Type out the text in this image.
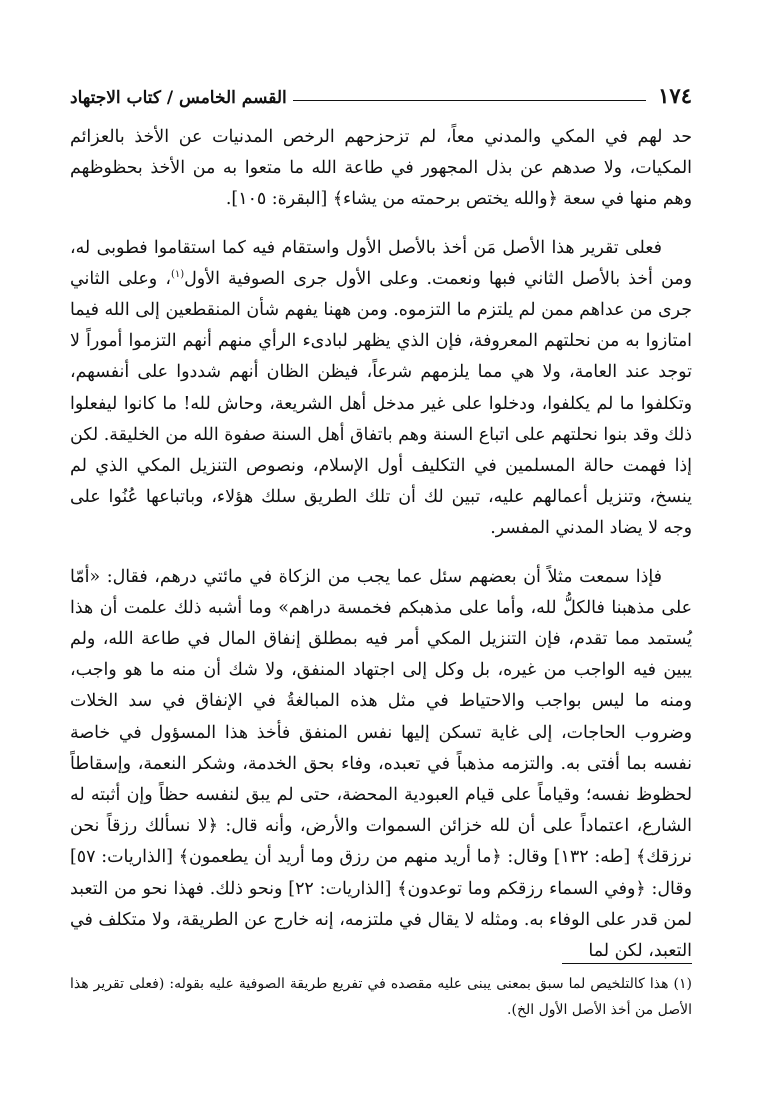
١٧٤
القسم الخامس / كتاب الاجتهاد

حد لهم في المكي والمدني معاً، لم تزحزحهم الرخص المدنيات عن الأخذ بالعزائم المكيات، ولا صدهم عن بذل المجهور في طاعة الله ما متعوا به من الأخذ بحظوظهم وهم منها في سعة ﴿والله يختص برحمته من يشاء﴾ [البقرة: ١٠٥].

فعلى تقرير هذا الأصل مَن أخذ بالأصل الأول واستقام فيه كما استقاموا فطوبى له، ومن أخذ بالأصل الثاني فبها ونعمت. وعلى الأول جرى الصوفية الأول$^{(١)}$، وعلى الثاني جرى من عداهم ممن لم يلتزم ما التزموه. ومن ههنا يفهم شأن المنقطعين إلى الله فيما امتازوا به من نحلتهم المعروفة، فإن الذي يظهر لبادىء الرأي منهم أنهم التزموا أموراً لا توجد عند العامة، ولا هي مما يلزمهم شرعاً، فيظن الظان أنهم شددوا على أنفسهم، وتكلفوا ما لم يكلفوا، ودخلوا على غير مدخل أهل الشريعة، وحاش لله! ما كانوا ليفعلوا ذلك وقد بنوا نحلتهم على اتباع السنة وهم باتفاق أهل السنة صفوة الله من الخليقة. لكن إذا فهمت حالة المسلمين في التكليف أول الإسلام، ونصوص التنزيل المكي الذي لم ينسخ، وتنزيل أعمالهم عليه، تبين لك أن تلك الطريق سلك هؤلاء، وباتباعها عُنُوا على وجه لا يضاد المدني المفسر.

فإذا سمعت مثلاً أن بعضهم سئل عما يجب من الزكاة في مائتي درهم، فقال: «أمّا على مذهبنا فالكلُّ لله، وأما على مذهبكم فخمسة دراهم» وما أشبه ذلك علمت أن هذا يُستمد مما تقدم، فإن التنزيل المكي أمر فيه بمطلق إنفاق المال في طاعة الله، ولم يبين فيه الواجب من غيره، بل وكل إلى اجتهاد المنفق، ولا شك أن منه ما هو واجب، ومنه ما ليس بواجب والاحتياط في مثل هذه المبالغةُ في الإنفاق في سد الخلات وضروب الحاجات، إلى غاية تسكن إليها نفس المنفق فأخذ هذا المسؤول في خاصة نفسه بما أفتى به. والتزمه مذهباً في تعبده، وفاء بحق الخدمة، وشكر النعمة، وإسقاطاً لحظوظ نفسه؛ وقياماً على قيام العبودية المحضة، حتى لم يبق لنفسه حظاً وإن أثبته له الشارع، اعتماداً على أن لله خزائن السموات والأرض، وأنه قال: ﴿لا نسألك رزقاً نحن نرزقك﴾ [طه: ١٣٢] وقال: ﴿ما أريد منهم من رزق وما أريد أن يطعمون﴾ [الذاريات: ٥٧] وقال: ﴿وفي السماء رزقكم وما توعدون﴾ [الذاريات: ٢٢] ونحو ذلك. فهذا نحو من التعبد لمن قدر على الوفاء به. ومثله لا يقال في ملتزمه، إنه خارج عن الطريقة، ولا متكلف في التعبد، لكن لما

(١) هذا كالتلخيص لما سبق بمعنى يبنى عليه مقصده في تفريع طريقة الصوفية عليه بقوله: (فعلى تقرير هذا الأصل من أخذ الأصل الأول الخ).
